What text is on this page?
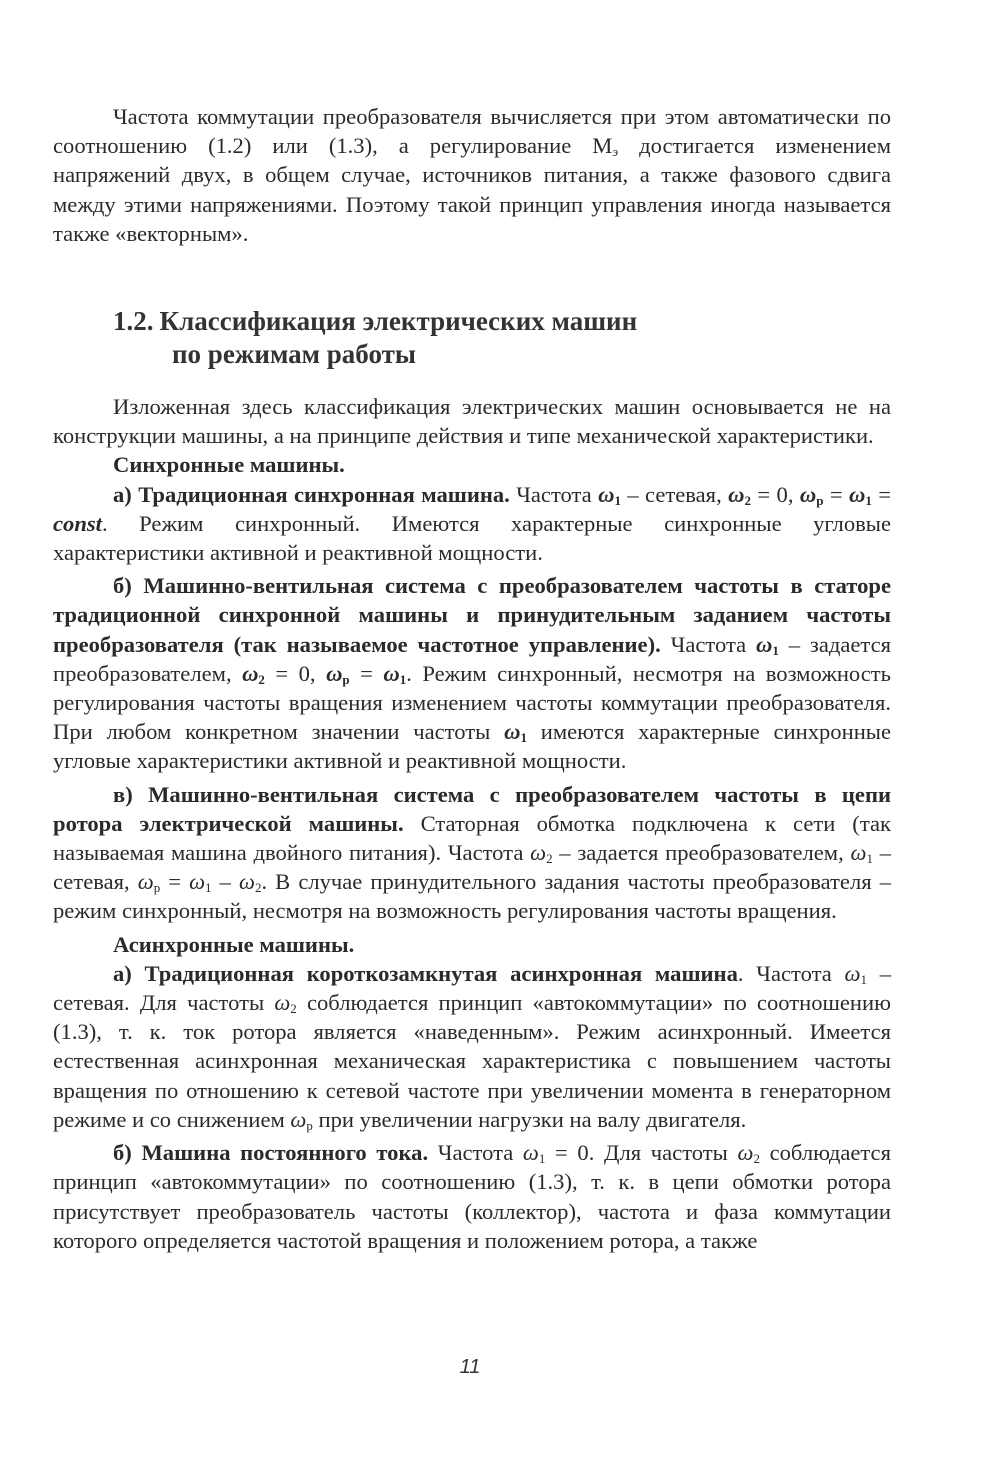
Частота коммутации преобразователя вычисляется при этом автоматически по соотношению (1.2) или (1.3), а регулирование $M_э$ достигается изменением напряжений двух, в общем случае, источников питания, а также фазового сдвига между этими напряжениями. Поэтому такой принцип управления иногда называется также «векторным».

1.2. Классификация электрических машин
по режимам работы

Изложенная здесь классификация электрических машин основывается не на конструкции машины, а на принципе действия и типе механической характеристики.

Синхронные машины.

а) Традиционная синхронная машина. Частота $\omega_1$ – сетевая, $\omega_2 = 0$, $\omega_р = \omega_1$ = const. Режим синхронный. Имеются характерные синхронные угловые характеристики активной и реактивной мощности.

б) Машинно-вентильная система с преобразователем частоты в статоре традиционной синхронной машины и принудительным заданием частоты преобразователя (так называемое частотное управление). Частота $\omega_1$ – задается преобразователем, $\omega_2 = 0$, $\omega_р = \omega_1$. Режим синхронный, несмотря на возможность регулирования частоты вращения изменением частоты коммутации преобразователя. При любом конкретном значении частоты $\omega_1$ имеются характерные синхронные угловые характеристики активной и реактивной мощности.

в) Машинно-вентильная система с преобразователем частоты в цепи ротора электрической машины. Статорная обмотка подключена к сети (так называемая машина двойного питания). Частота $\omega_2$ – задается преобразователем, $\omega_1$ – сетевая, $\omega_р = \omega_1 - \omega_2$. В случае принудительного задания частоты преобразователя – режим синхронный, несмотря на возможность регулирования частоты вращения.

Асинхронные машины.

а) Традиционная короткозамкнутая асинхронная машина. Частота $\omega_1$ – сетевая. Для частоты $\omega_2$ соблюдается принцип «автокоммутации» по соотношению (1.3), т. к. ток ротора является «наведенным». Режим асинхронный. Имеется естественная асинхронная механическая характеристика с повышением частоты вращения по отношению к сетевой частоте при увеличении момента в генераторном режиме и со снижением $\omega_р$ при увеличении нагрузки на валу двигателя.

б) Машина постоянного тока. Частота $\omega_1 = 0$. Для частоты $\omega_2$ соблюдается принцип «автокоммутации» по соотношению (1.3), т. к. в цепи обмотки ротора присутствует преобразователь частоты (коллектор), частота и фаза коммутации которого определяется частотой вращения и положением ротора, а также

11
